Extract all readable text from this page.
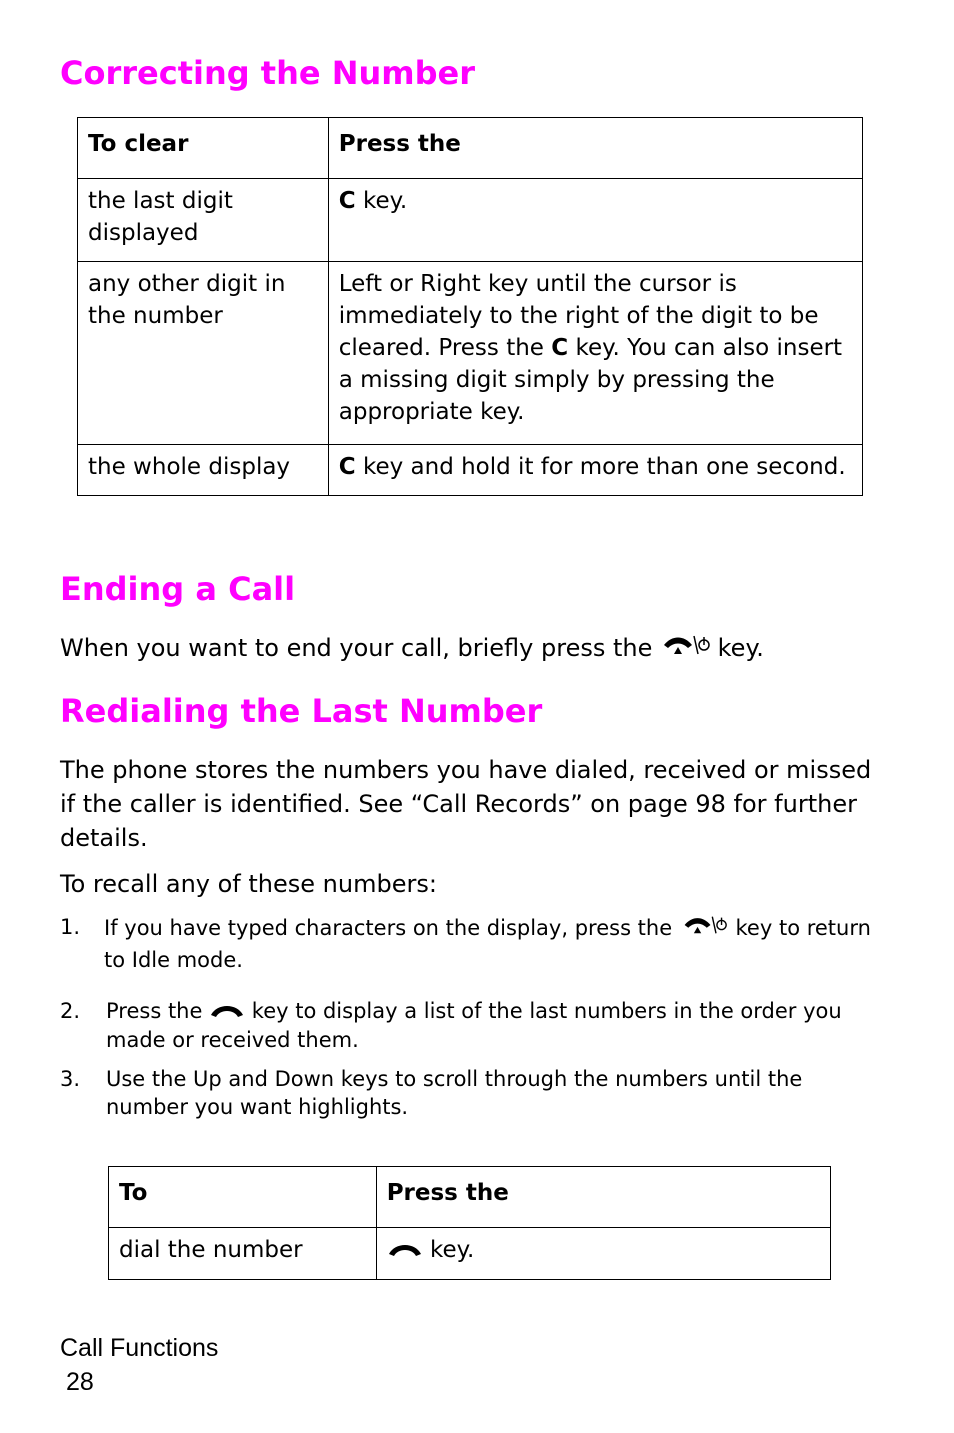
Correcting the Number
To clear	Press the
the last digit displayed	C key.
any other digit in the number	Left or Right key until the cursor is immediately to the right of the digit to be cleared. Press the C key. You can also insert a missing digit simply by pressing the appropriate key.
the whole display	C key and hold it for more than one second.
Ending a Call

When you want to end your call, briefly press the  key.

Redialing the Last Number

The phone stores the numbers you have dialed, received or missed if the caller is identified. See “Call Records” on page 98 for further details.

To recall any of these numbers:

1. If you have typed characters on the display, press the	key to return to Idle mode.
2. Press the  key to display a list of the last numbers in the order you made or received them.
3. Use the Up and Down keys to scroll through the numbers until the number you want highlights.
To	Press the
dial the number	key.
Call Functions
28
